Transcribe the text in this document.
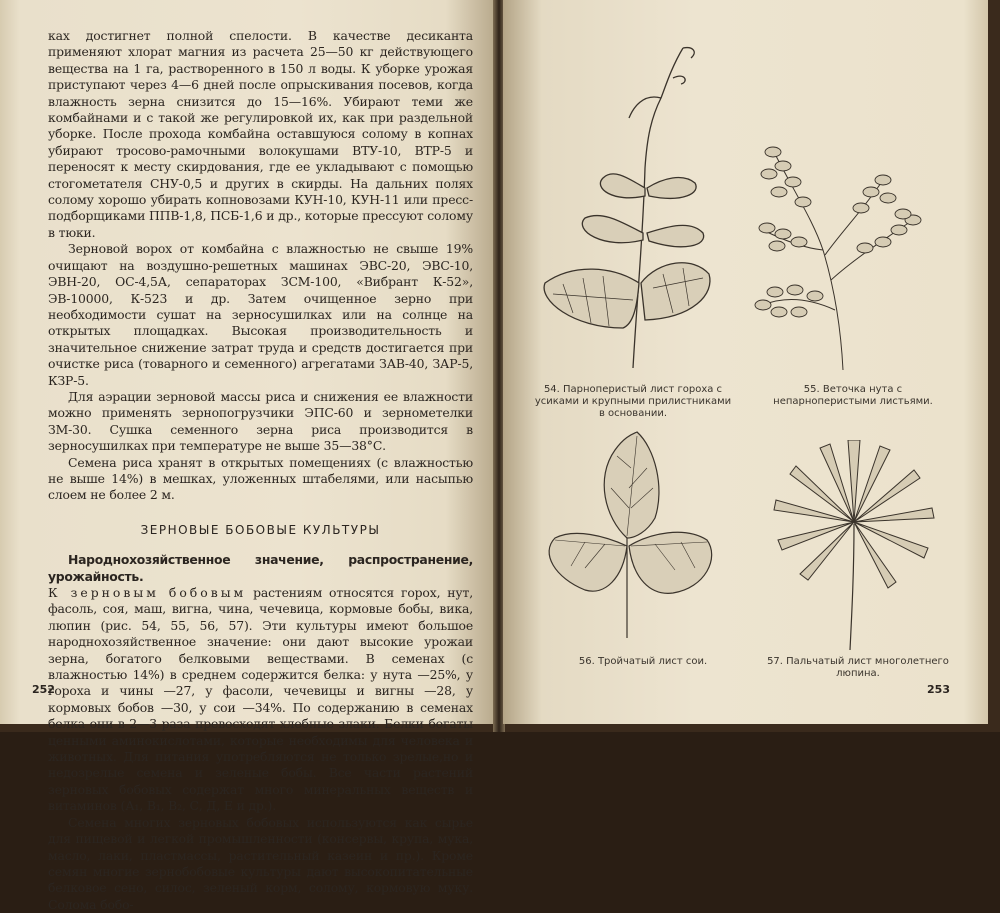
ках достигнет полной спелости. В качестве десиканта применяют хлорат магния из расчета 25—50 кг действующего вещества на 1 га, растворенного в 150 л воды. К уборке урожая приступают через 4—6 дней после опрыскивания посевов, когда влажность зерна снизится до 15—16%. Убирают теми же комбайнами и с такой же регулировкой их, как при раздельной уборке. После прохода комбайна оставшуюся солому в копнах убирают тросово-рамочными волокушами ВТУ-10, ВТР-5 и переносят к месту скирдования, где ее укладывают с помощью стогометателя СНУ-0,5 и других в скирды. На дальних полях солому хорошо убирать копновозами КУН-10, КУН-11 или пресс-подборщиками ППВ-1,8, ПСБ-1,6 и др., которые прессуют солому в тюки.

Зерновой ворох от комбайна с влажностью не свыше 19% очищают на воздушно-решетных машинах ЭВС-20, ЭВС-10, ЭВН-20, ОС-4,5А, сепараторах ЗСМ-100, «Вибрант К-52», ЭВ-10000, К-523 и др. Затем очищенное зерно при необходимости сушат на зерносушилках или на солнце на открытых площадках. Высокая производительность и значительное снижение затрат труда и средств достигается при очистке риса (товарного и семенного) агрегатами ЗАВ-40, ЗАР-5, КЗР-5.

Для аэрации зерновой массы риса и снижения ее влажности можно применять зернопогрузчики ЭПС-60 и зернометелки ЗМ-30. Сушка семенного зерна риса производится в зерносушилках при температуре не выше 35—38°С.

Семена риса хранят в открытых помещениях (с влажностью не выше 14%) в мешках, уложенных штабелями, или насыпью слоем не более 2 м.

ЗЕРНОВЫЕ БОБОВЫЕ КУЛЬТУРЫ

Народнохозяйственное значение, распространение, урожайность.

К зерновым бобовым растениям относятся горох, нут, фасоль, соя, маш, вигна, чина, чечевица, кормовые бобы, вика, люпин (рис. 54, 55, 56, 57). Эти культуры имеют большое народнохозяйственное значение: они дают высокие урожаи зерна, богатого белковыми веществами. В семенах (с влажностью 14%) в среднем содержится белка: у нута —25%, у гороха и чины —27, у фасоли, чечевицы и вигны —28, у кормовых бобов —30, у сои —34%. По содержанию в семенах белка они в 2—3 раза превосходят хлебные злаки. Белки богаты ценными аминокислотами, которые необходимы для человека и животных. Для питания употребляются не только зрелые,но и недозрелые семена и зеленые бобы. Все части растений зерновых бобовых содержат много минеральных веществ и витаминов (А₁, В₁, В₂, С, Д, Е и др.).

Семена многих зерновых бобовых используются как сырье для пищевой и легкой промышленности (консервы, крупа, мука, масло, лаки, пластмассы, растительный казеин и пр.). Кроме семян многие зернобобовые культуры дают высокопитательные белковое сено, силос, зеленый корм, солому, кормовую муку. Солома бобо-

252
54. Парноперистый лист гороха с усиками и крупными прилистниками в основании.
55. Веточка нута с непарноперистыми листьями.
56. Тройчатый лист сои.	57. Пальчатый лист многолетнего люпина.
253
